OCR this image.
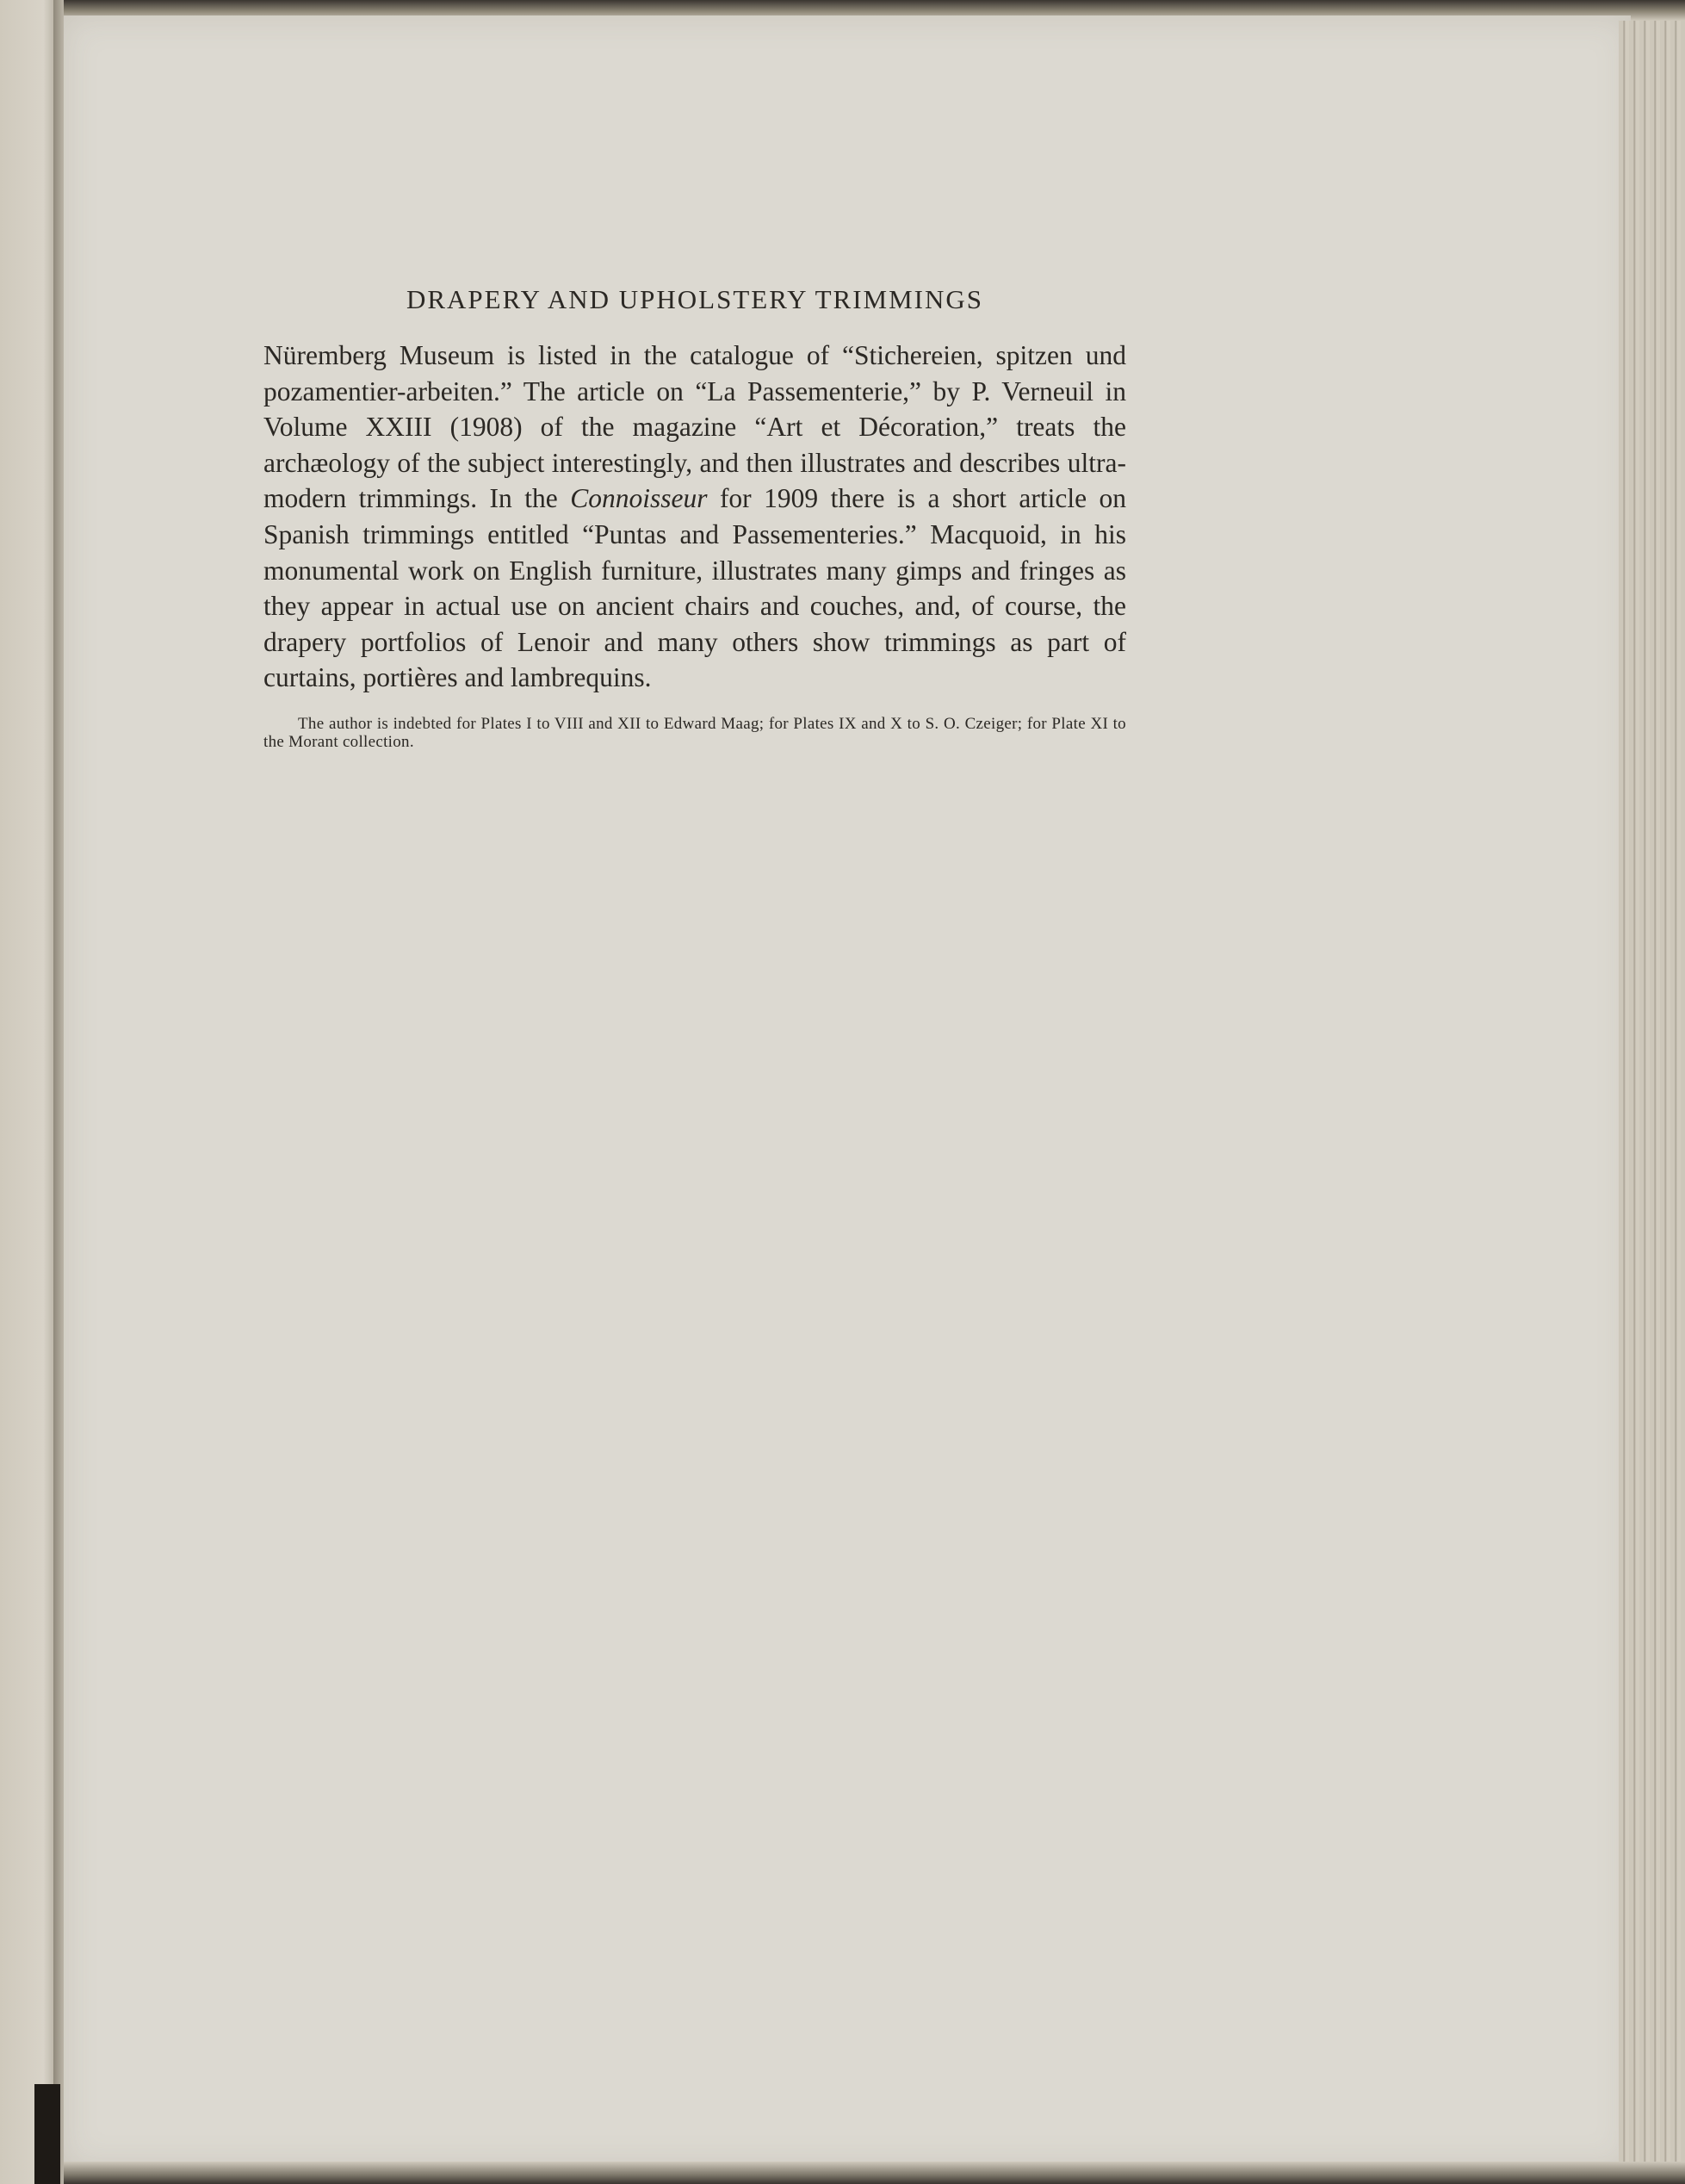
DRAPERY AND UPHOLSTERY TRIMMINGS

Nüremberg Museum is listed in the catalogue of “Stichereien, spitzen und pozamentier-arbeiten.” The article on “La Passementerie,” by P. Verneuil in Volume XXIII (1908) of the magazine “Art et Décoration,” treats the archæology of the subject interestingly, and then illustrates and describes ultra-modern trimmings. In the Connoisseur for 1909 there is a short article on Spanish trimmings entitled “Puntas and Passementeries.” Macquoid, in his monumental work on English furniture, illustrates many gimps and fringes as they appear in actual use on ancient chairs and couches, and, of course, the drapery portfolios of Lenoir and many others show trimmings as part of curtains, portières and lambrequins.

The author is indebted for Plates I to VIII and XII to Edward Maag; for Plates IX and X to S. O. Czeiger; for Plate XI to the Morant collection.
